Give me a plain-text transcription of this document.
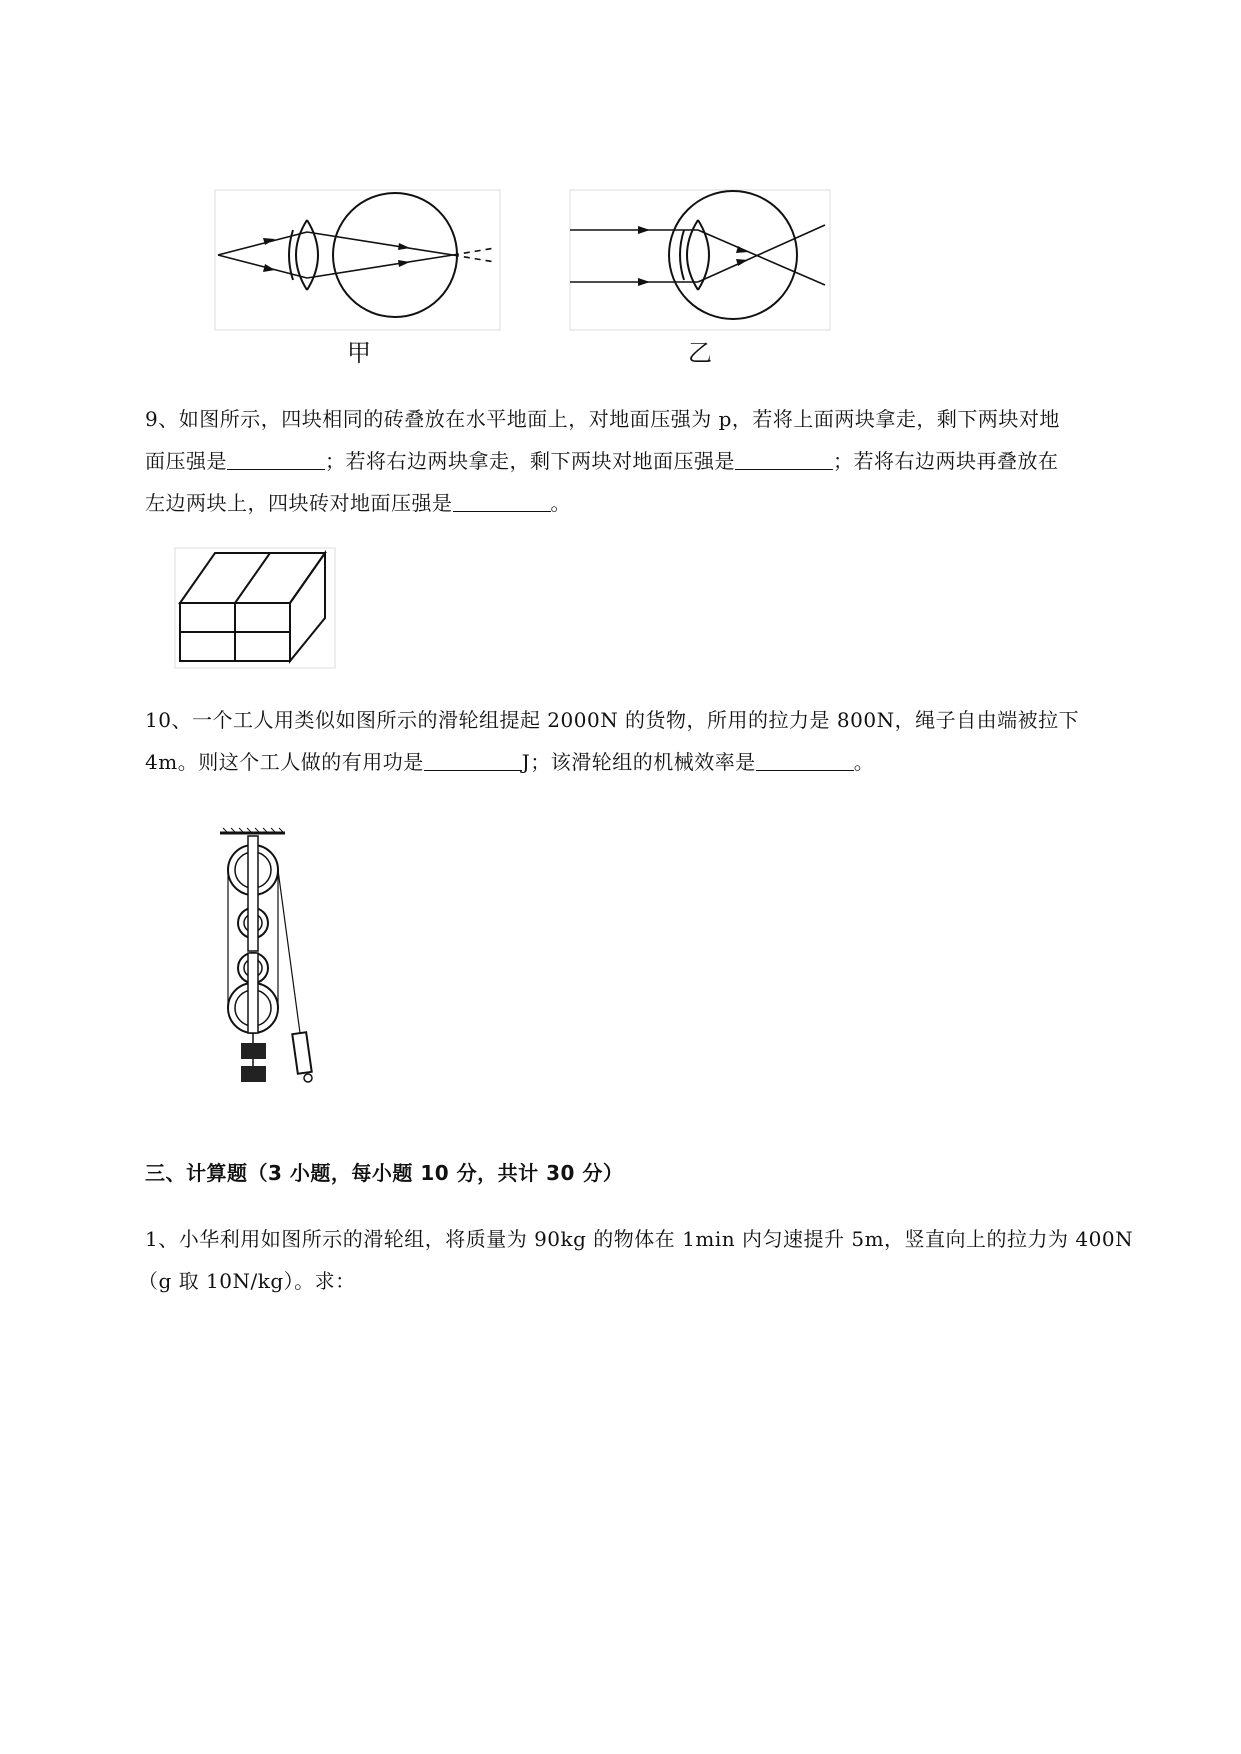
甲	乙
9、如图所示，四块相同的砖叠放在水平地面上，对地面压强为 p，若将上面两块拿走，剩下两块对地
面压强是	；若将右边两块拿走，剩下两块对地面压强是	；若将右边两块再叠放在
左边两块上，四块砖对地面压强是	。
10、一个工人用类似如图所示的滑轮组提起 2000N 的货物，所用的拉力是 800N，绳子自由端被拉下
4m。则这个工人做的有用功是	J；该滑轮组的机械效率是	。
三、计算题（3 小题，每小题 10 分，共计 30 分）
1、小华利用如图所示的滑轮组，将质量为 90kg 的物体在 1min 内匀速提升 5m，竖直向上的拉力为 400N
（g 取 10N/kg）。求：
